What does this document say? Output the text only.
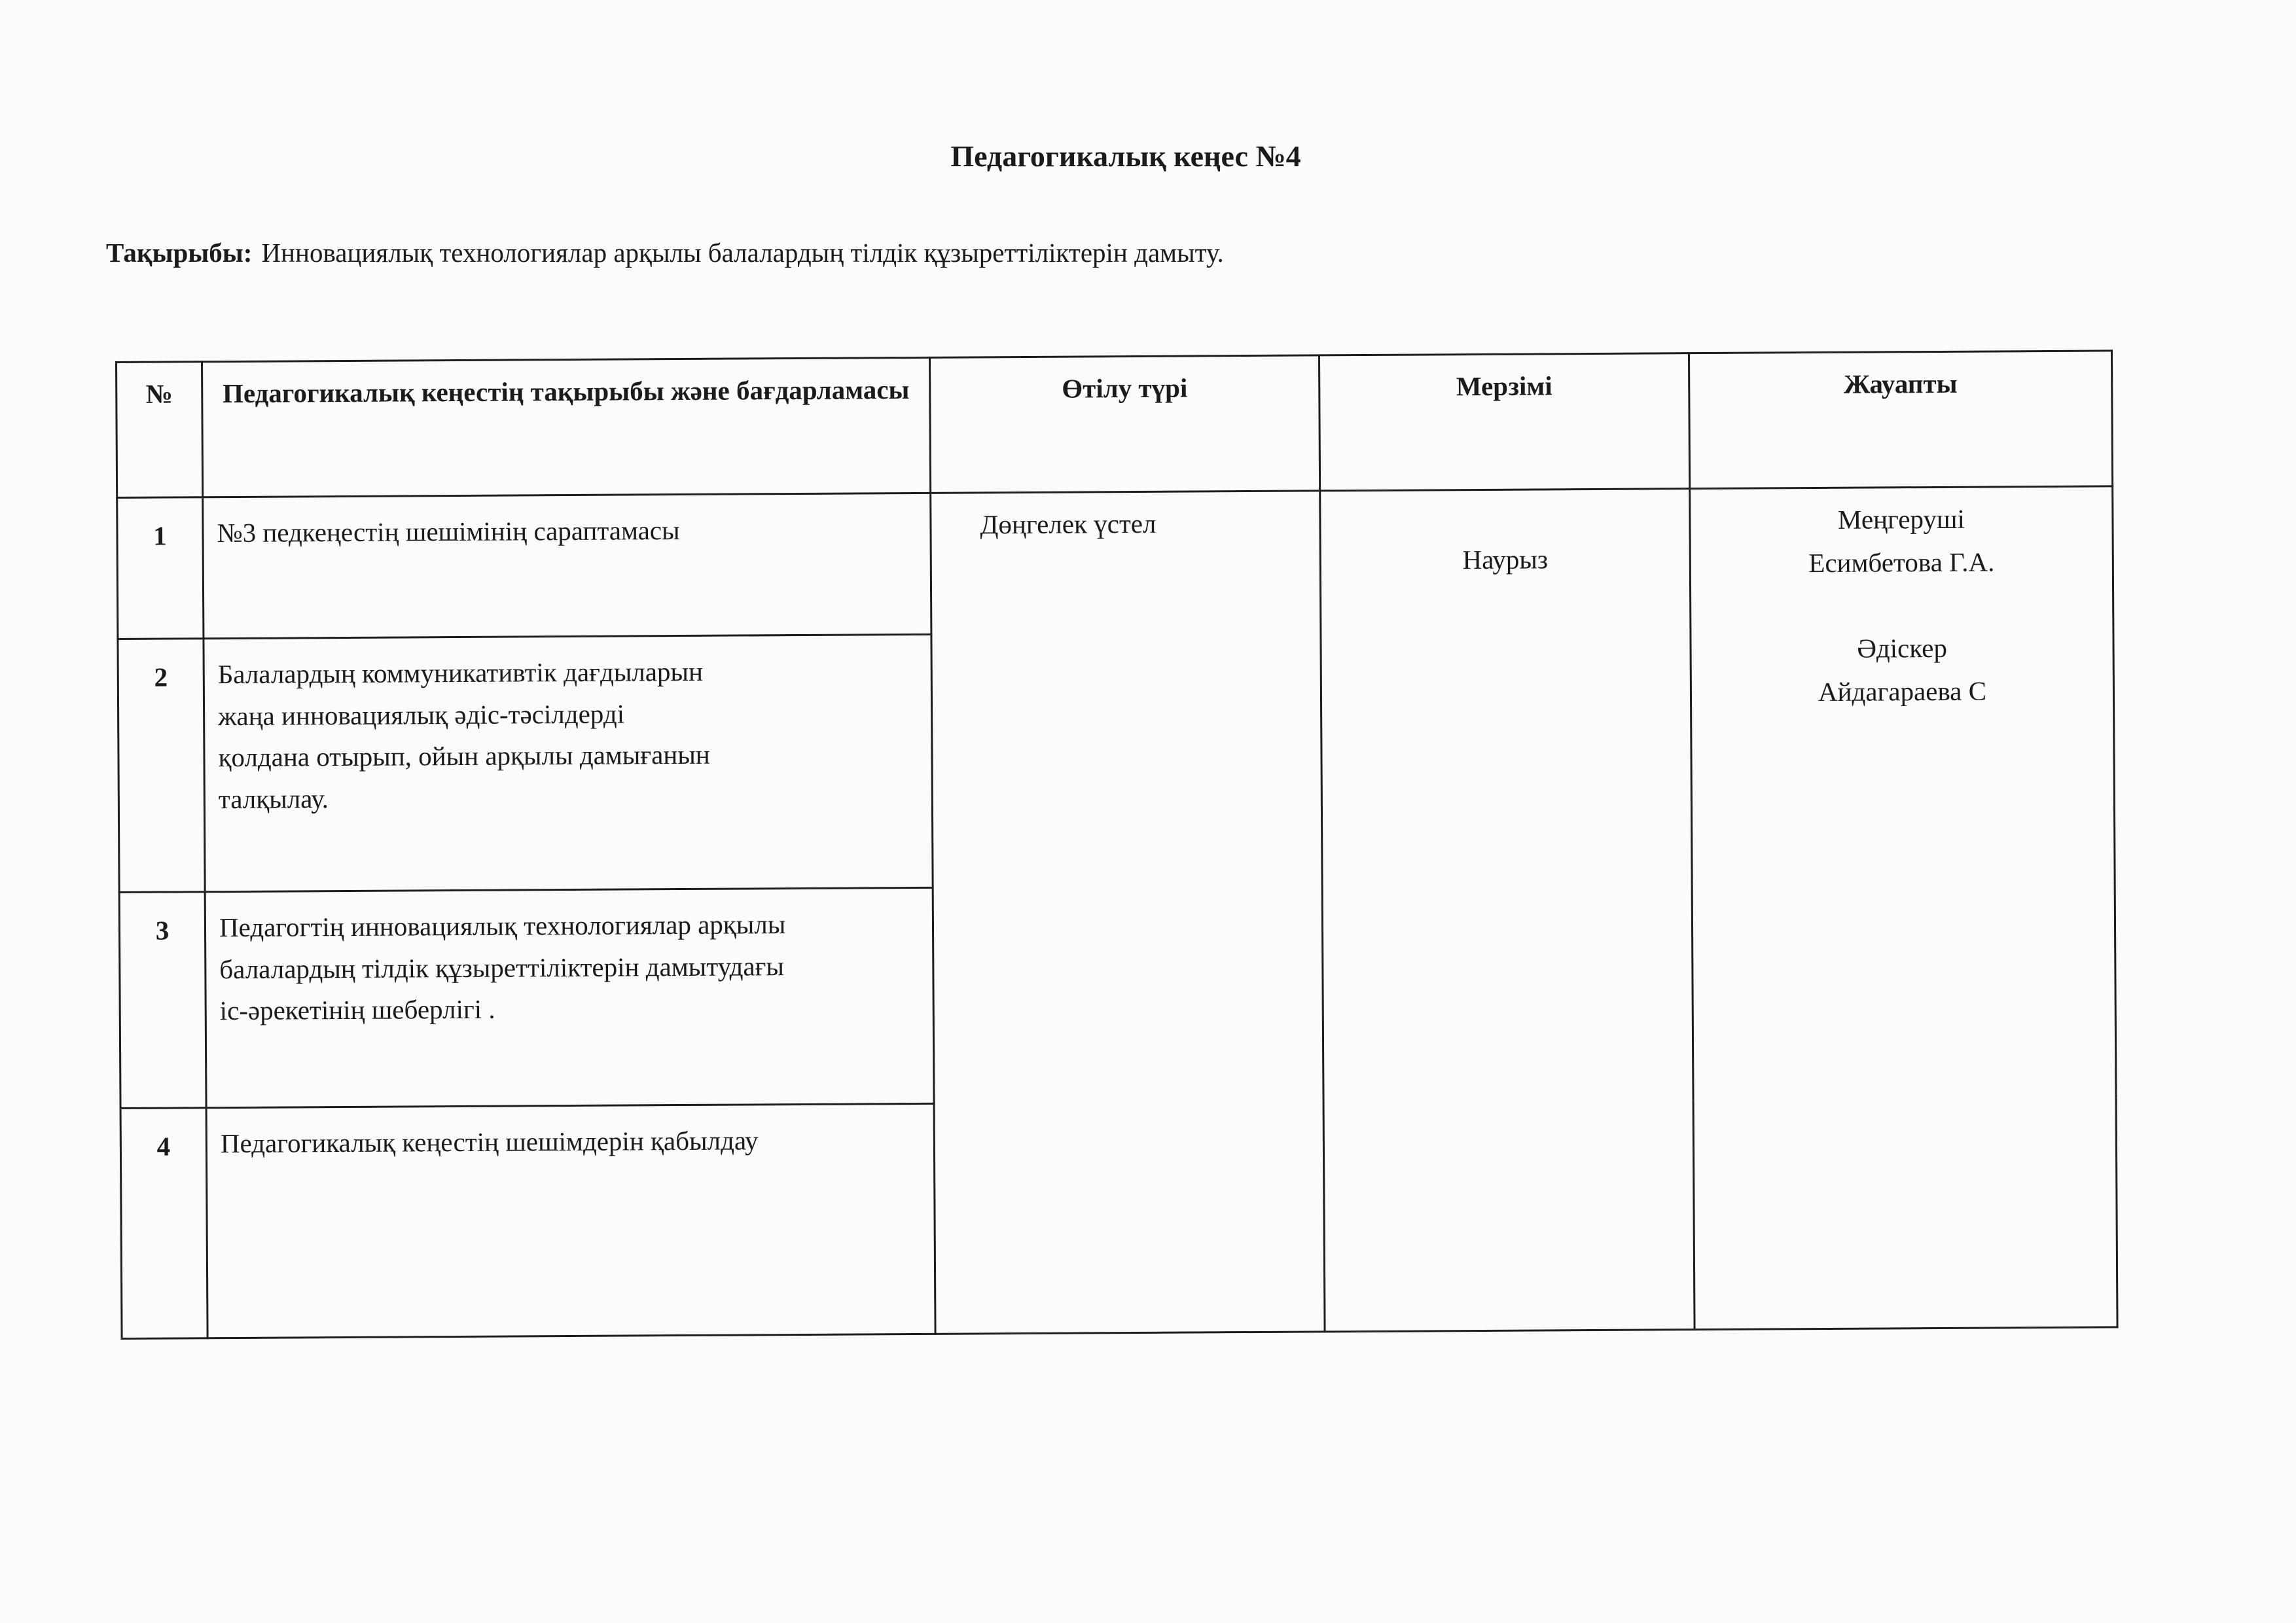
Педагогикалық кеңес №4
Тақырыбы: Инновациялық технологиялар арқылы балалардың тілдік құзыреттіліктерін дамыту.
№	Педагогикалық кеңестің тақырыбы және бағдарламасы	Өтілу түрі	Мерзімі	Жауапты
1	№3 педкеңестің шешімінің сараптамасы	Дөңгелек үстел	Наурыз	Меңгеруші
Есимбетова Г.А.
Әдіскер
Айдагараева С

2	Балалардың коммуникативтік дағдыларын
жаңа инновациялық әдіс-тәсілдерді
қолдана отырып, ойын арқылы дамығанын
талқылау.			

3	Педагогтің инновациялық технологиялар арқылы
балалардың тілдік құзыреттіліктерін дамытудағы
іс-әрекетінің шеберлігі .			

4	Педагогикалық кеңестің шешімдерін қабылдау			
